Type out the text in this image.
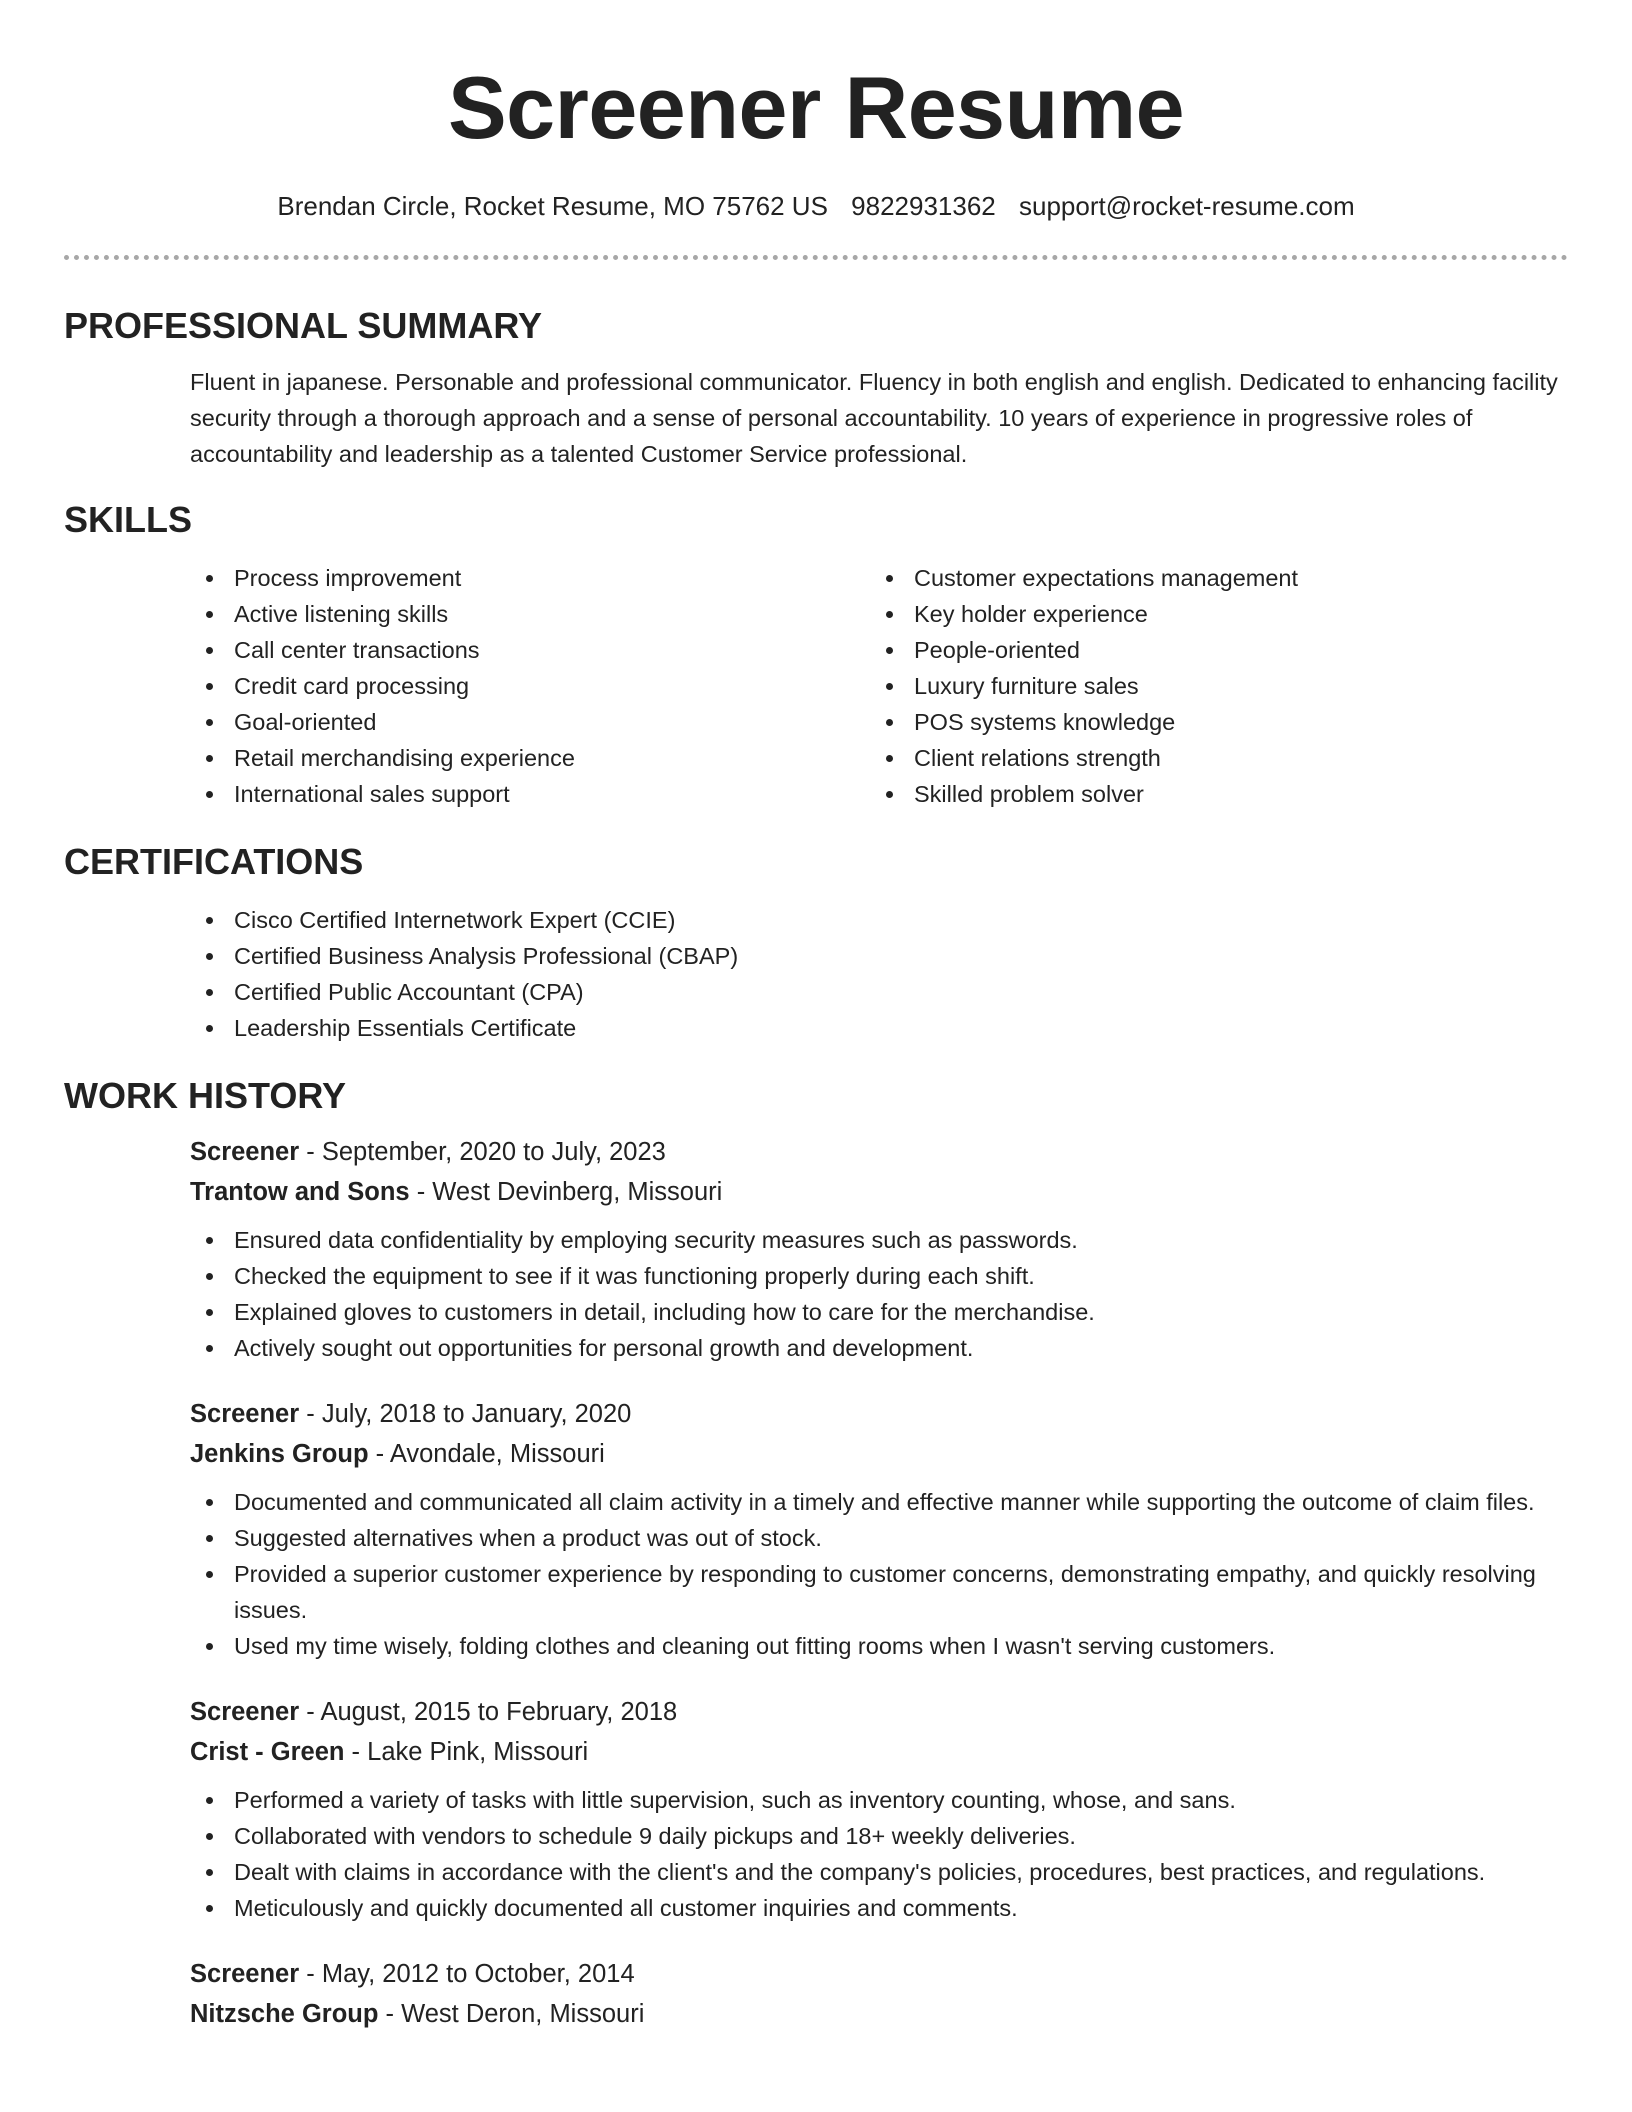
Screener Resume
Brendan Circle, Rocket Resume, MO 75762 US 9822931362 support@rocket-resume.com
PROFESSIONAL SUMMARY

Fluent in japanese. Personable and professional communicator. Fluency in both english and english. Dedicated to enhancing facility security through a thorough approach and a sense of personal accountability. 10 years of experience in progressive roles of accountability and leadership as a talented Customer Service professional.

SKILLS
Process improvement
Active listening skills
Call center transactions
Credit card processing
Goal-oriented
Retail merchandising experience
International sales support
Customer expectations management
Key holder experience
People-oriented
Luxury furniture sales
POS systems knowledge
Client relations strength
Skilled problem solver
CERTIFICATIONS
Cisco Certified Internetwork Expert (CCIE)
Certified Business Analysis Professional (CBAP)
Certified Public Accountant (CPA)
Leadership Essentials Certificate
WORK HISTORY
Screener - September, 2020 to July, 2023
Trantow and Sons - West Devinberg, Missouri
Ensured data confidentiality by employing security measures such as passwords.
Checked the equipment to see if it was functioning properly during each shift.
Explained gloves to customers in detail, including how to care for the merchandise.
Actively sought out opportunities for personal growth and development.
Screener - July, 2018 to January, 2020
Jenkins Group - Avondale, Missouri
Documented and communicated all claim activity in a timely and effective manner while supporting the outcome of claim files.
Suggested alternatives when a product was out of stock.
Provided a superior customer experience by responding to customer concerns, demonstrating empathy, and quickly resolving issues.
Used my time wisely, folding clothes and cleaning out fitting rooms when I wasn't serving customers.
Screener - August, 2015 to February, 2018
Crist - Green - Lake Pink, Missouri
Performed a variety of tasks with little supervision, such as inventory counting, whose, and sans.
Collaborated with vendors to schedule 9 daily pickups and 18+ weekly deliveries.
Dealt with claims in accordance with the client's and the company's policies, procedures, best practices, and regulations.
Meticulously and quickly documented all customer inquiries and comments.
Screener - May, 2012 to October, 2014
Nitzsche Group - West Deron, Missouri
